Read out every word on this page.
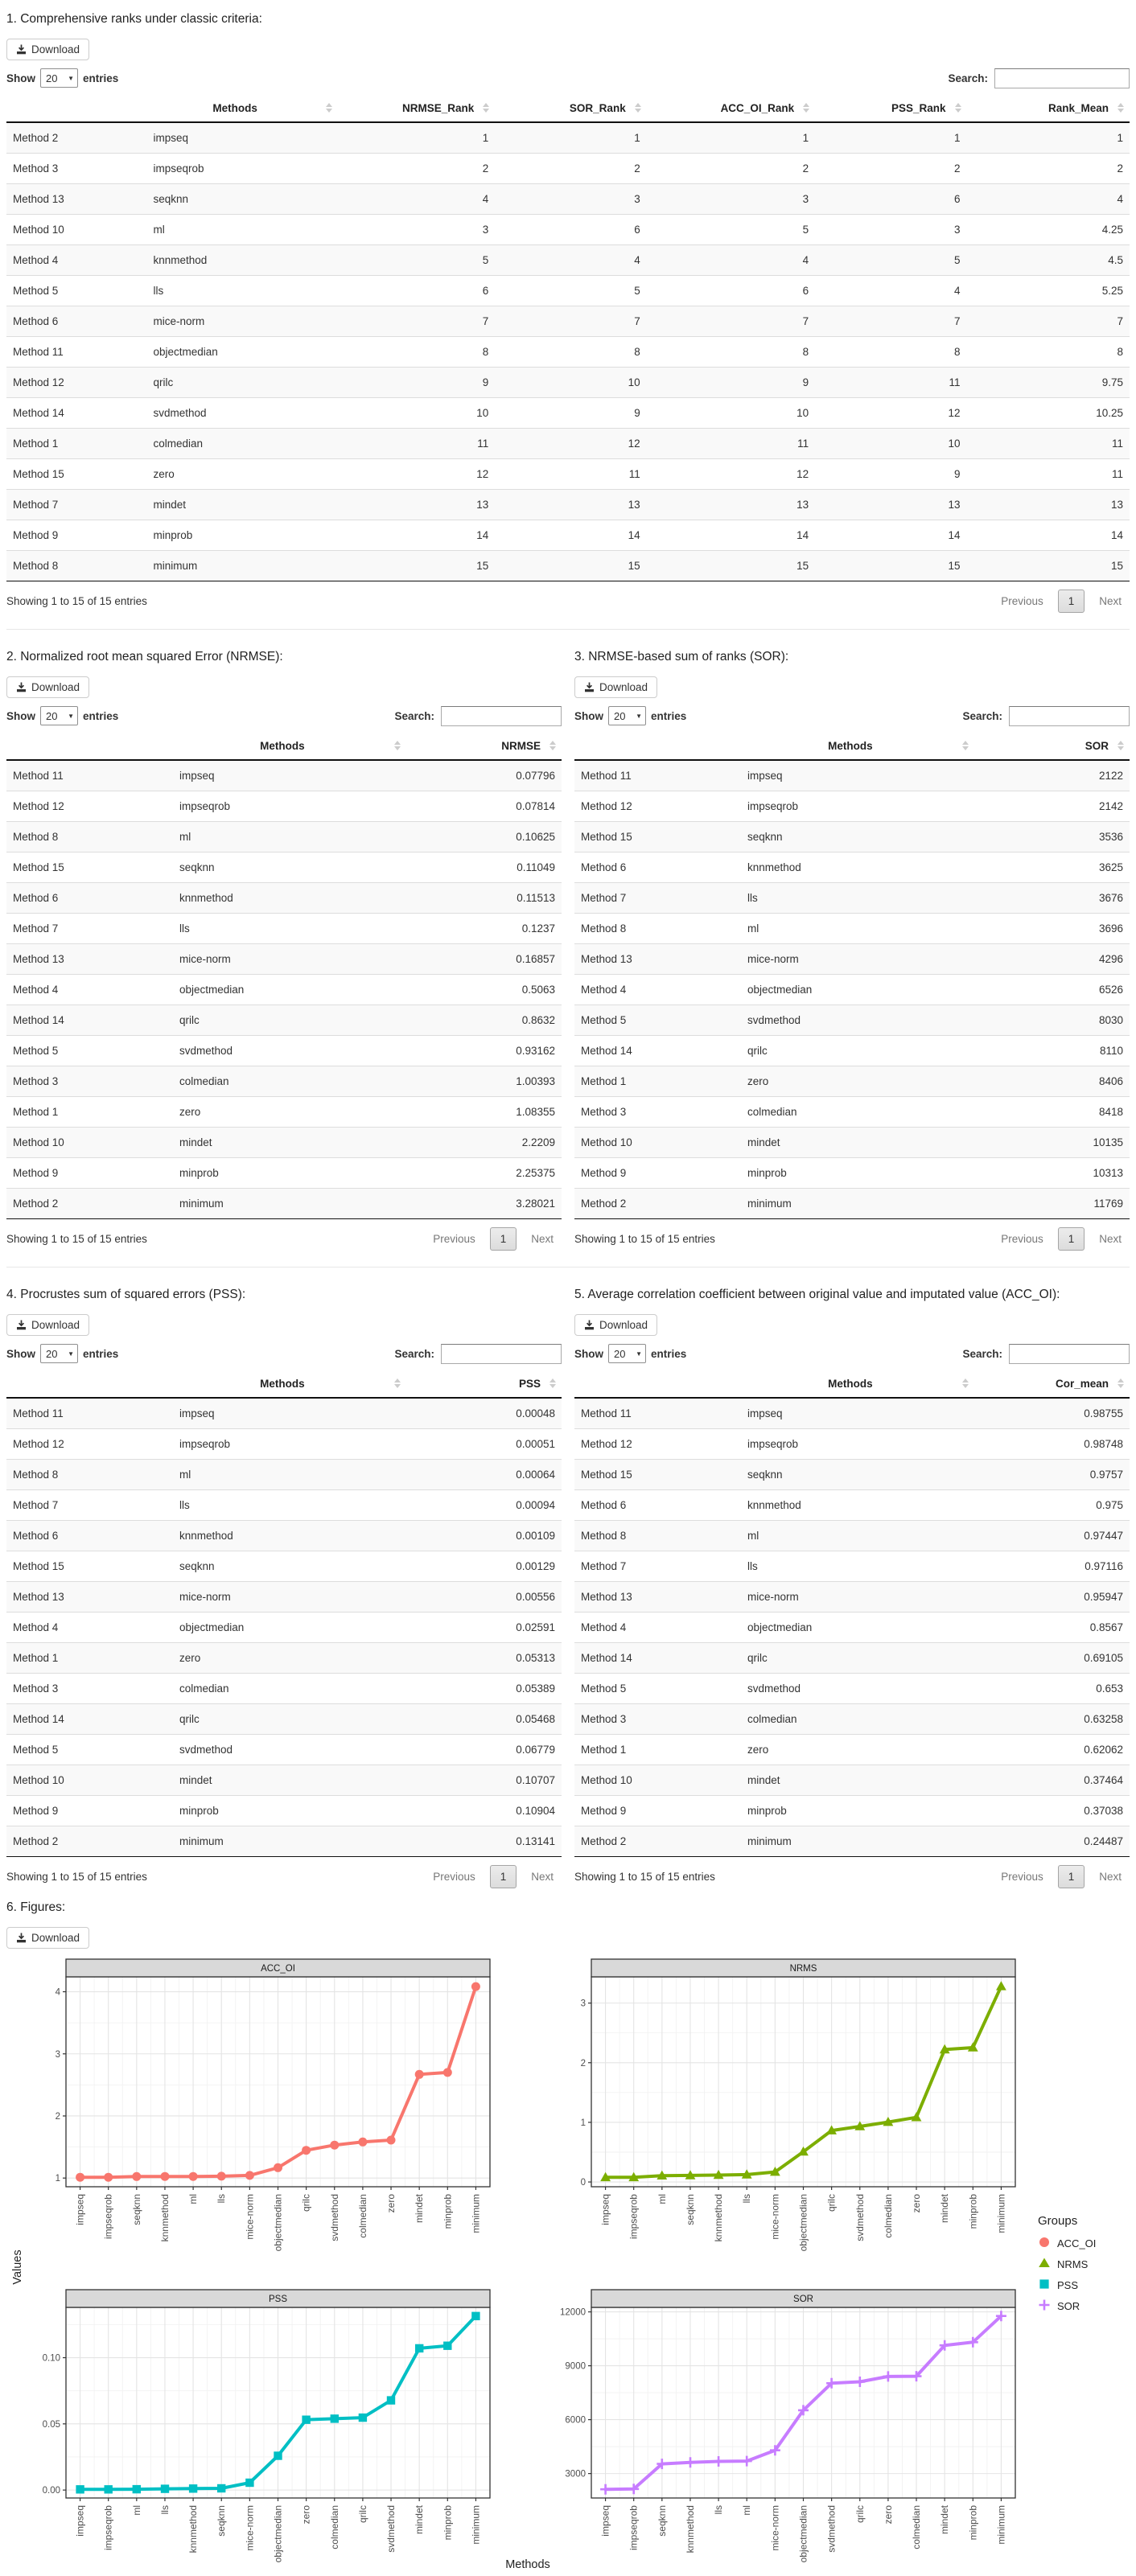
1. Comprehensive ranks under classic criteria:
Download
Show 20 ▼ entries	Search:
	Methods	NRMSE_Rank	SOR_Rank	ACC_OI_Rank	PSS_Rank	Rank_Mean

Method 2	impseq	1	1	1	1	1
Method 3	impseqrob	2	2	2	2	2
Method 13	seqknn	4	3	3	6	4
Method 10	ml	3	6	5	3	4.25
Method 4	knnmethod	5	4	4	5	4.5
Method 5	lls	6	5	6	4	5.25
Method 6	mice-norm	7	7	7	7	7
Method 11	objectmedian	8	8	8	8	8
Method 12	qrilc	9	10	9	11	9.75
Method 14	svdmethod	10	9	10	12	10.25
Method 1	colmedian	11	12	11	10	11
Method 15	zero	12	11	12	9	11
Method 7	mindet	13	13	13	13	13
Method 9	minprob	14	14	14	14	14
Method 8	minimum	15	15	15	15	15
Showing 1 to 15 of 15 entries	Previous	1	Next
2. Normalized root mean squared Error (NRMSE):
Download
Show 20 ▼ entries	Search:
	Methods	NRMSE

Method 11	impseq	0.07796
Method 12	impseqrob	0.07814
Method 8	ml	0.10625
Method 15	seqknn	0.11049
Method 6	knnmethod	0.11513
Method 7	lls	0.1237
Method 13	mice-norm	0.16857
Method 4	objectmedian	0.5063
Method 14	qrilc	0.8632
Method 5	svdmethod	0.93162
Method 3	colmedian	1.00393
Method 1	zero	1.08355
Method 10	mindet	2.2209
Method 9	minprob	2.25375
Method 2	minimum	3.28021
Showing 1 to 15 of 15 entries	Previous	1	Next
3. NRMSE-based sum of ranks (SOR):
Download
Show 20 ▼ entries	Search:
	Methods	SOR

Method 11	impseq	2122
Method 12	impseqrob	2142
Method 15	seqknn	3536
Method 6	knnmethod	3625
Method 7	lls	3676
Method 8	ml	3696
Method 13	mice-norm	4296
Method 4	objectmedian	6526
Method 5	svdmethod	8030
Method 14	qrilc	8110
Method 1	zero	8406
Method 3	colmedian	8418
Method 10	mindet	10135
Method 9	minprob	10313
Method 2	minimum	11769
Showing 1 to 15 of 15 entries	Previous	1	Next
4. Procrustes sum of squared errors (PSS):
Download
Show 20 ▼ entries	Search:
	Methods	PSS

Method 11	impseq	0.00048
Method 12	impseqrob	0.00051
Method 8	ml	0.00064
Method 7	lls	0.00094
Method 6	knnmethod	0.00109
Method 15	seqknn	0.00129
Method 13	mice-norm	0.00556
Method 4	objectmedian	0.02591
Method 1	zero	0.05313
Method 3	colmedian	0.05389
Method 14	qrilc	0.05468
Method 5	svdmethod	0.06779
Method 10	mindet	0.10707
Method 9	minprob	0.10904
Method 2	minimum	0.13141
Showing 1 to 15 of 15 entries	Previous	1	Next
5. Average correlation coefficient between original value and imputated value (ACC_OI):
Download
Show 20 ▼ entries	Search:
	Methods	Cor_mean

Method 11	impseq	0.98755
Method 12	impseqrob	0.98748
Method 15	seqknn	0.9757
Method 6	knnmethod	0.975
Method 8	ml	0.97447
Method 7	lls	0.97116
Method 13	mice-norm	0.95947
Method 4	objectmedian	0.8567
Method 14	qrilc	0.69105
Method 5	svdmethod	0.653
Method 3	colmedian	0.63258
Method 1	zero	0.62062
Method 10	mindet	0.37464
Method 9	minprob	0.37038
Method 2	minimum	0.24487
Showing 1 to 15 of 15 entries	Previous	1	Next
6. Figures:
Download
Values
ACC_OI
1
2
3
4
impseq impseqrob seqknn knnmethod ml lls mice-norm objectmedian qrilc svdmethod colmedian zero mindet minprob minimum
NRMS
0
1
2
3
impseq impseqrob ml seqknn knnmethod lls mice-norm objectmedian qrilc svdmethod colmedian zero mindet minprob minimum
PSS
0.00
0.05
0.10
impseq impseqrob ml lls knnmethod seqknn mice-norm objectmedian zero colmedian qrilc svdmethod mindet minprob minimum
SOR
3000
6000
9000
12000
impseq impseqrob seqknn knnmethod lls ml mice-norm objectmedian svdmethod qrilc zero colmedian mindet minprob minimum
Methods
Groups
ACC_OI
NRMS
PSS
SOR
